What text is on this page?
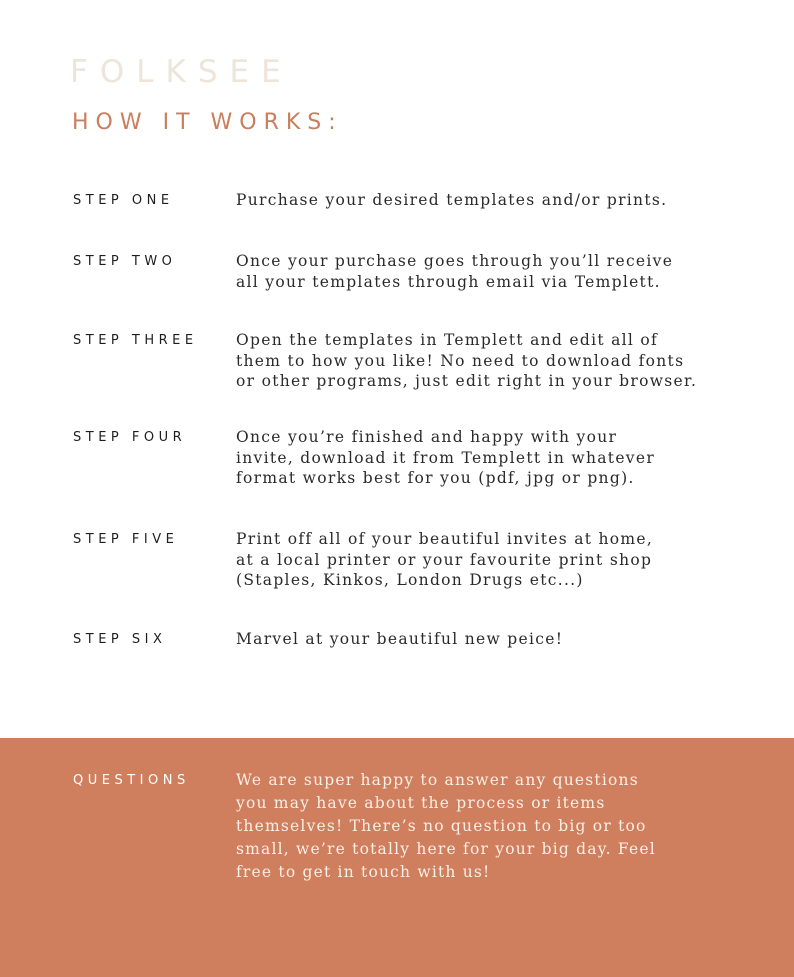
FOLKSEE
HOW IT WORKS:
STEP ONE	Purchase your desired templates and/or prints.
STEP TWO	Once your purchase goes through you’ll receive
all your templates through email via Templett.
STEP THREE Open the templates in Templett and edit all of
them to how you like! No need to download fonts
or other programs, just edit right in your browser.
STEP FOUR	Once you’re finished and happy with your
invite, download it from Templett in whatever
format works best for you (pdf, jpg or png).
STEP FIVE	Print off all of your beautiful invites at home,
at a local printer or your favourite print shop
(Staples, Kinkos, London Drugs etc...)
STEP SIX	Marvel at your beautiful new peice!
QUESTIONS	We are super happy to answer any questions
you may have about the process or items
themselves! There’s no question to big or too
small, we’re totally here for your big day. Feel
free to get in touch with us!
